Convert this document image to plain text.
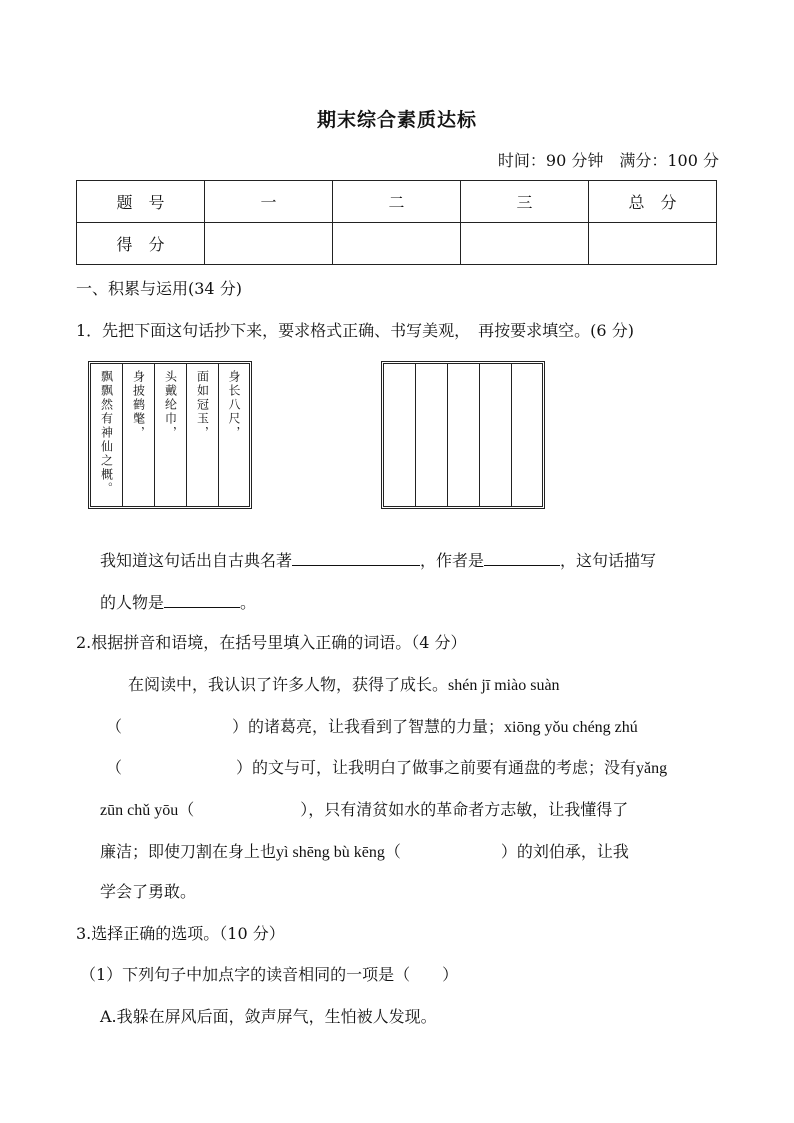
期末综合素质达标
时间：90 分钟　满分：100 分
题　号	一	二	三	总　分
得　分				
一、积累与运用(34 分)
1．先把下面这句话抄下来，要求格式正确、书写美观，　再按要求填空。(6 分)
飘飘然有神仙之概。 身披鹤氅， 头戴纶巾， 面如冠玉， 身长八尺，
我知道这句话出自古典名著	，作者是	，这句话描写
的人物是	。
2.根据拼音和语境，在括号里填入正确的词语。（4 分）
在阅读中，我认识了许多人物，获得了成长。shén jī miào suàn
（	）的诸葛亮，让我看到了智慧的力量；xiōng yǒu chéng zhú
（	）的文与可，让我明白了做事之前要有通盘的考虑；没有yǎng
zūn chǔ yōu（	），只有清贫如水的革命者方志敏，让我懂得了
廉洁；即使刀割在身上也yì shēng bù kēng（	）的刘伯承，让我
学会了勇敢。
3.选择正确的选项。（10 分）
（1）下列句子中加点字的读音相同的一项是（　　）
A.我躲在屏风后面，敛声屏气，生怕被人发现。
